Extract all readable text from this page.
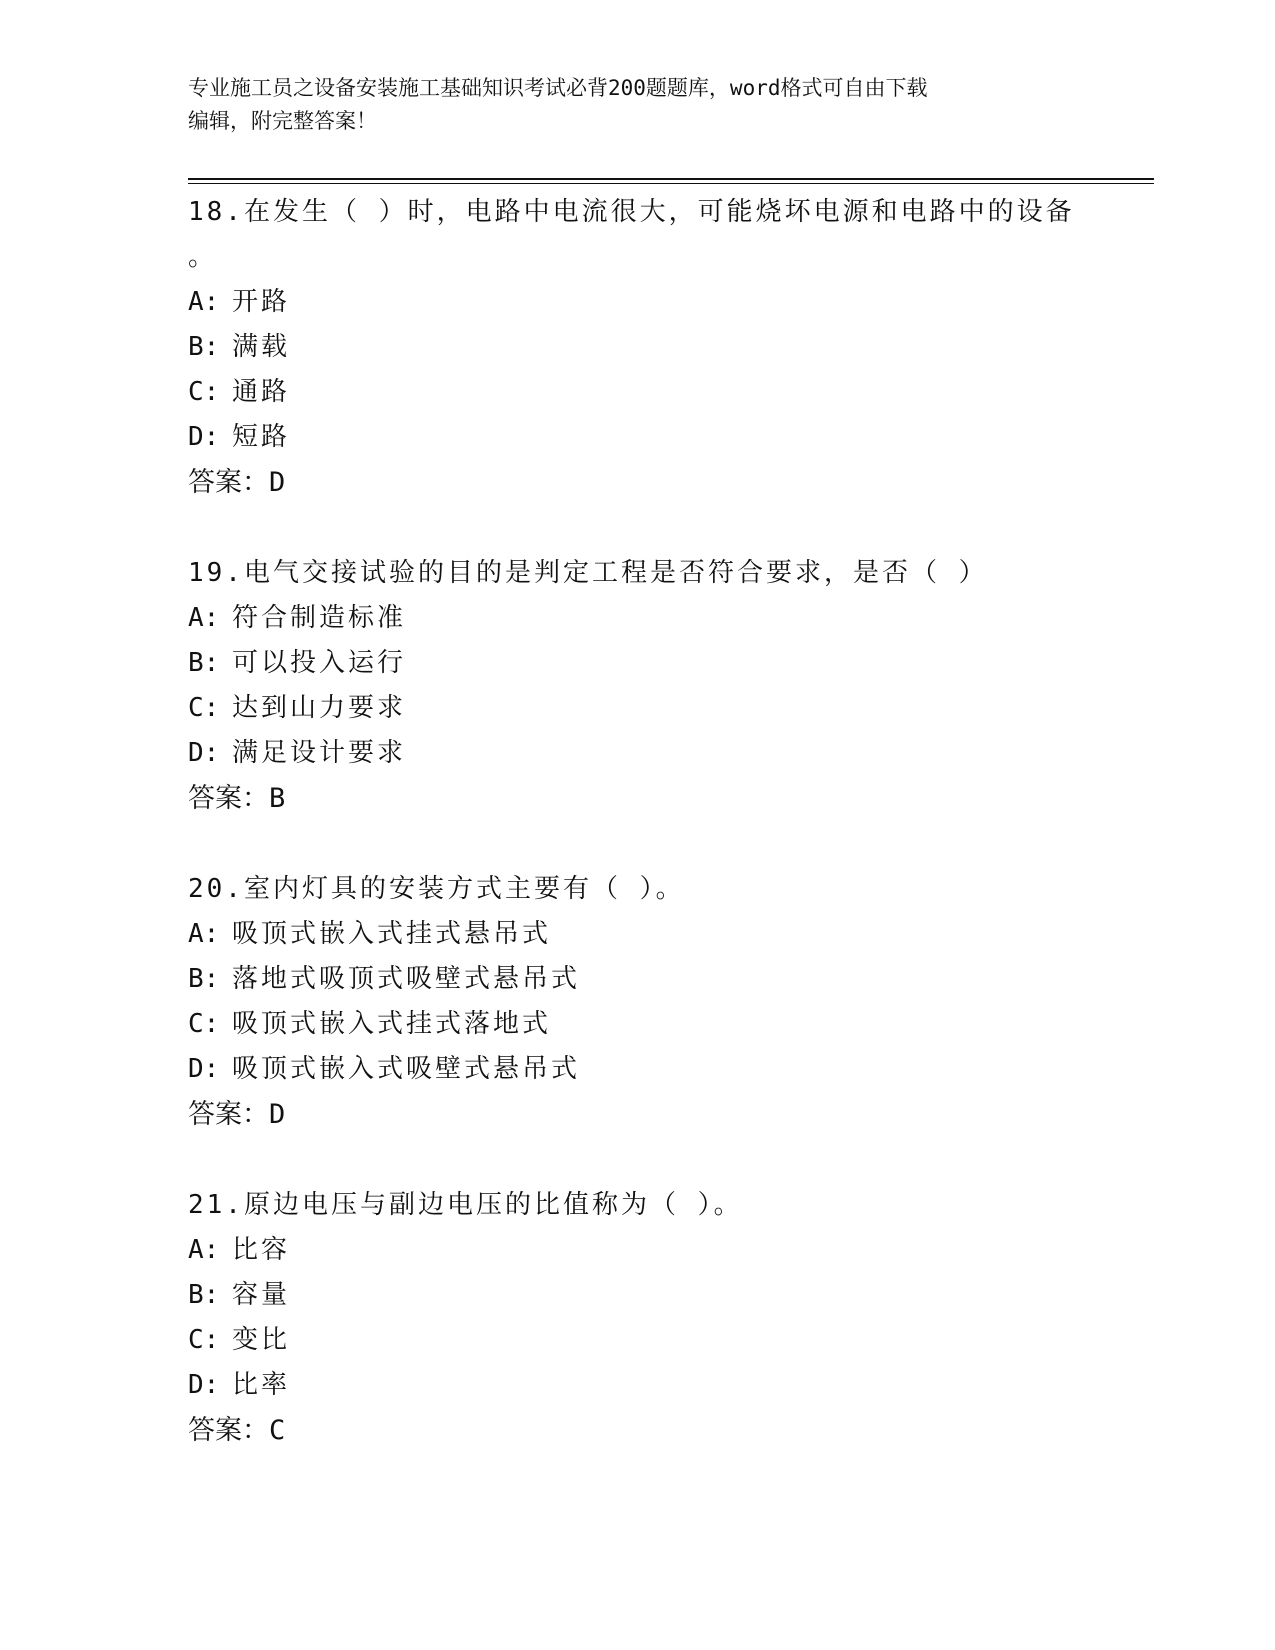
专业施工员之设备安装施工基础知识考试必背200题题库，word格式可自由下载
编辑，附完整答案！
18.在发生（ ）时，电路中电流很大，可能烧坏电源和电路中的设备
。
A: 开路
B: 满载
C: 通路
D: 短路
答案：D
19.电气交接试验的目的是判定工程是否符合要求，是否（ ）
A: 符合制造标准
B: 可以投入运行
C: 达到山力要求
D: 满足设计要求
答案：B
20.室内灯具的安装方式主要有（ ）。
A: 吸顶式嵌入式挂式悬吊式
B: 落地式吸顶式吸壁式悬吊式
C: 吸顶式嵌入式挂式落地式
D: 吸顶式嵌入式吸壁式悬吊式
答案：D
21.原边电压与副边电压的比值称为（ ）。
A: 比容
B: 容量
C: 变比
D: 比率
答案：C
